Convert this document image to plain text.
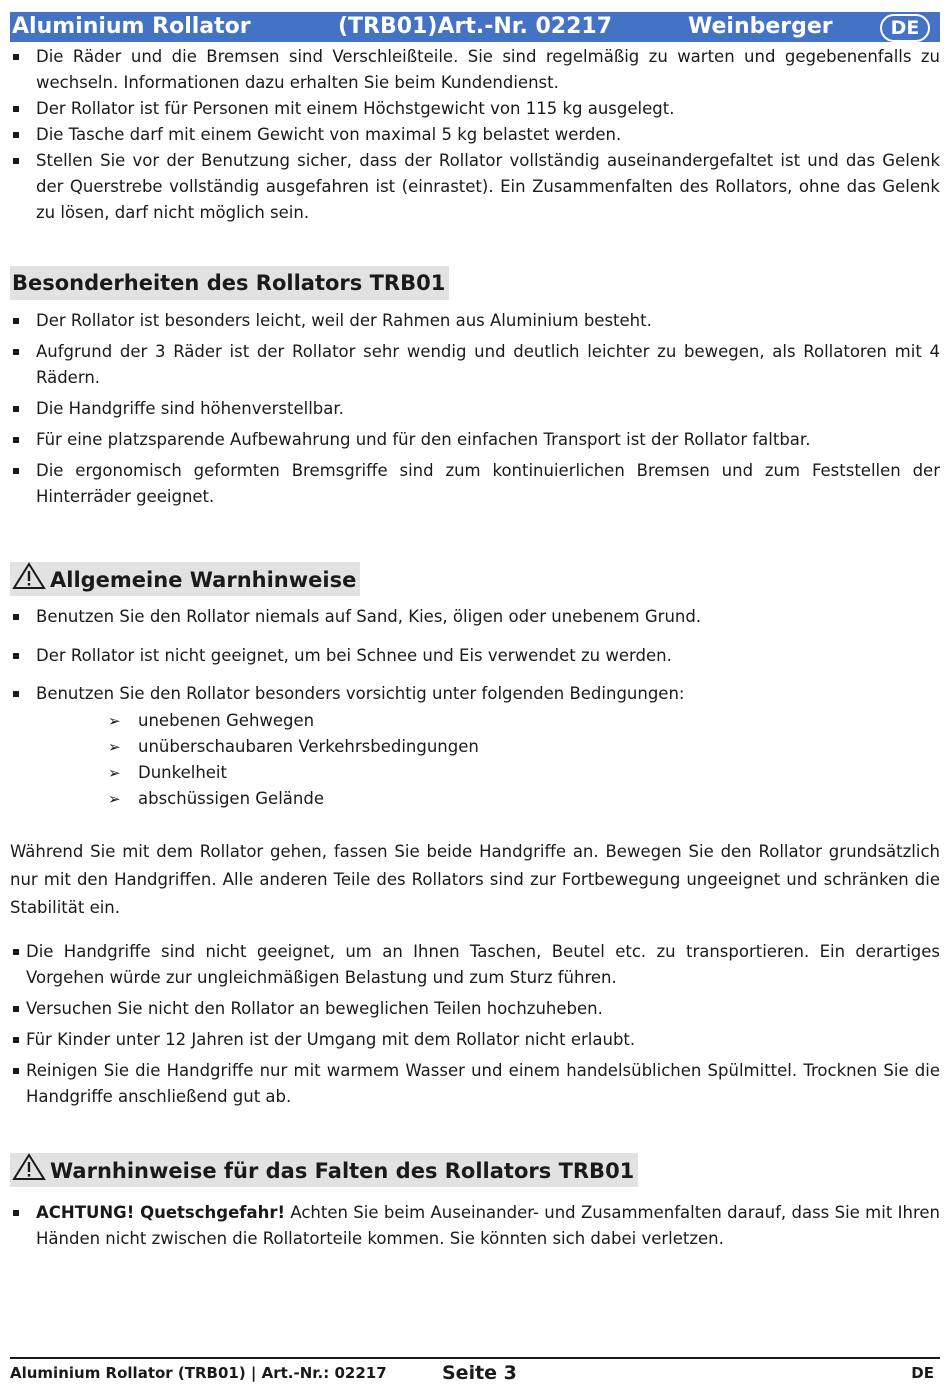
Aluminium Rollator	(TRB01)Art.-Nr. 02217	Weinberger	DE
Die Räder und die Bremsen sind Verschleißteile. Sie sind regelmäßig zu warten und gegebenenfalls zu wechseln. Informationen dazu erhalten Sie beim Kundendienst.
Der Rollator ist für Personen mit einem Höchstgewicht von 115 kg ausgelegt.
Die Tasche darf mit einem Gewicht von maximal 5 kg belastet werden.
Stellen Sie vor der Benutzung sicher, dass der Rollator vollständig auseinandergefaltet ist und das Gelenk der Querstrebe vollständig ausgefahren ist (einrastet). Ein Zusammenfalten des Rollators, ohne das Gelenk zu lösen, darf nicht möglich sein.
Besonderheiten des Rollators TRB01
Der Rollator ist besonders leicht, weil der Rahmen aus Aluminium besteht.
Aufgrund der 3 Räder ist der Rollator sehr wendig und deutlich leichter zu bewegen, als Rollatoren mit 4 Rädern.
Die Handgriffe sind höhenverstellbar.
Für eine platzsparende Aufbewahrung und für den einfachen Transport ist der Rollator faltbar.
Die ergonomisch geformten Bremsgriffe sind zum kontinuierlichen Bremsen und zum Feststellen der Hinterräder geeignet.
Allgemeine Warnhinweise
Benutzen Sie den Rollator niemals auf Sand, Kies, öligen oder unebenem Grund.
Der Rollator ist nicht geeignet, um bei Schnee und Eis verwendet zu werden.
Benutzen Sie den Rollator besonders vorsichtig unter folgenden Bedingungen:
➢ unebenen Gehwegen
➢ unüberschaubaren Verkehrsbedingungen
➢ Dunkelheit
➢ abschüssigen Gelände
Während Sie mit dem Rollator gehen, fassen Sie beide Handgriffe an. Bewegen Sie den Rollator grundsätzlich nur mit den Handgriffen. Alle anderen Teile des Rollators sind zur Fortbewegung ungeeignet und schränken die Stabilität ein.
Die Handgriffe sind nicht geeignet, um an Ihnen Taschen, Beutel etc. zu transportieren. Ein derartiges Vorgehen würde zur ungleichmäßigen Belastung und zum Sturz führen.
Versuchen Sie nicht den Rollator an beweglichen Teilen hochzuheben.
Für Kinder unter 12 Jahren ist der Umgang mit dem Rollator nicht erlaubt.
Reinigen Sie die Handgriffe nur mit warmem Wasser und einem handelsüblichen Spülmittel. Trocknen Sie die Handgriffe anschließend gut ab.
Warnhinweise für das Falten des Rollators TRB01
ACHTUNG! Quetschgefahr! Achten Sie beim Auseinander- und Zusammenfalten darauf, dass Sie mit Ihren Händen nicht zwischen die Rollatorteile kommen. Sie könnten sich dabei verletzen.
Aluminium Rollator (TRB01) | Art.-Nr.: 02217	Seite 3	DE
